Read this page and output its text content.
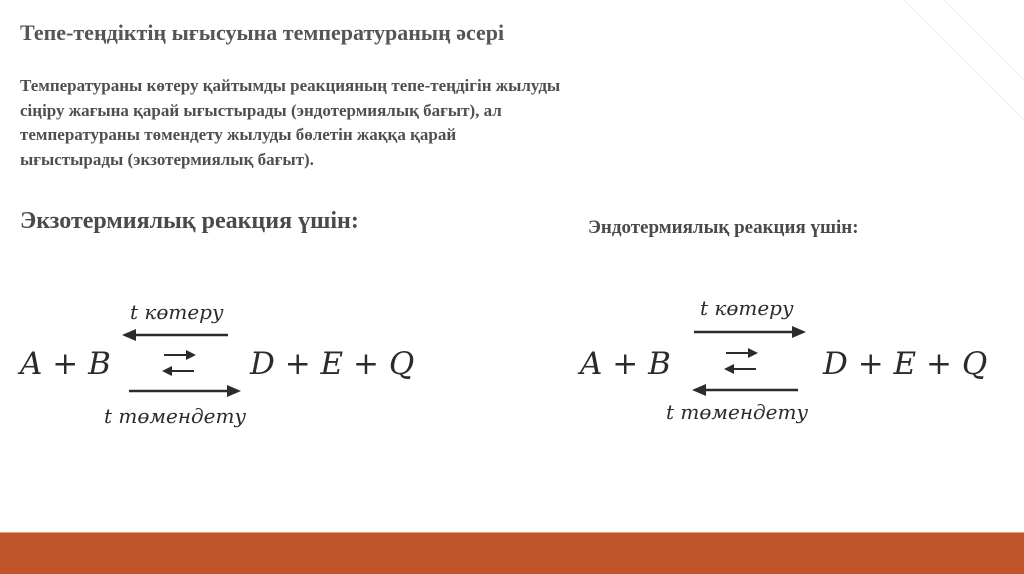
Тепе-теңдіктің ығысуына температураның әсері
Температураны көтеру қайтымды реакцияның тепе-теңдігін жылуды
сіңіру жағына қарай ығыстырады (эндотермиялық бағыт), ал
температураны төмендету жылуды бөлетін жаққа қарай
ығыстырады (экзотермиялық бағыт).
Экзотермиялық реакция үшін:	Эндотермиялық реакция үшін:
t көтеру
A + B	D + E + Q
t төмендету
t көтеру
A + B	D + E + Q
t төмендету
